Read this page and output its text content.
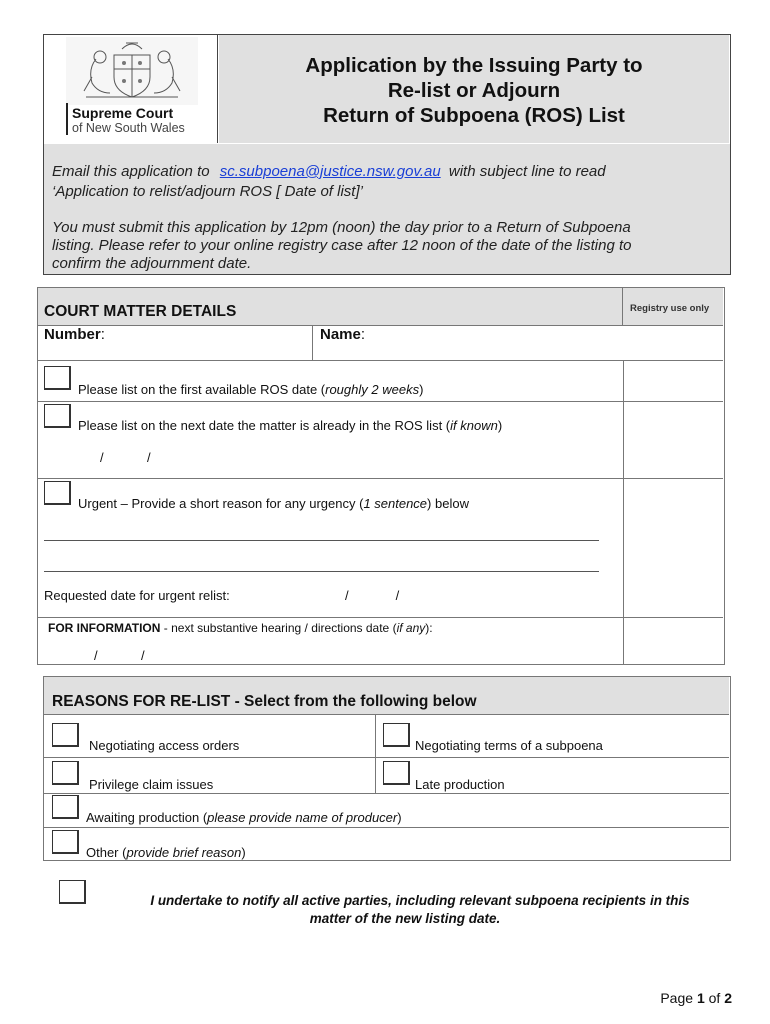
Supreme Court
of New South Wales
Application by the Issuing Party to
Re-list or Adjourn
Return of Subpoena (ROS) List
Email this application to sc.subpoena@justice.nsw.gov.au with subject line to read
‘Application to relist/adjourn ROS [ Date of list]’
You must submit this application by 12pm (noon) the day prior to a Return of Subpoena
listing. Please refer to your online registry case after 12 noon of the date of the listing to
confirm the adjournment date.
COURT MATTER DETAILS	Registry use only
Number:	Name:
Please list on the first available ROS date (roughly 2 weeks)
Please list on the next date the matter is already in the ROS list (if known)
/            /
Urgent – Provide a short reason for any urgency (1 sentence) below
Requested date for urgent relist:	/             /
FOR INFORMATION - next substantive hearing / directions date (if any):
/            /
REASONS FOR RE-LIST - Select from the following below
Negotiating access orders	Negotiating terms of a subpoena
Privilege claim issues	Late production
Awaiting production (please provide name of producer)
Other (provide brief reason)
I undertake to notify all active parties, including relevant subpoena recipients in this
matter of the new listing date.
Page 1 of 2
